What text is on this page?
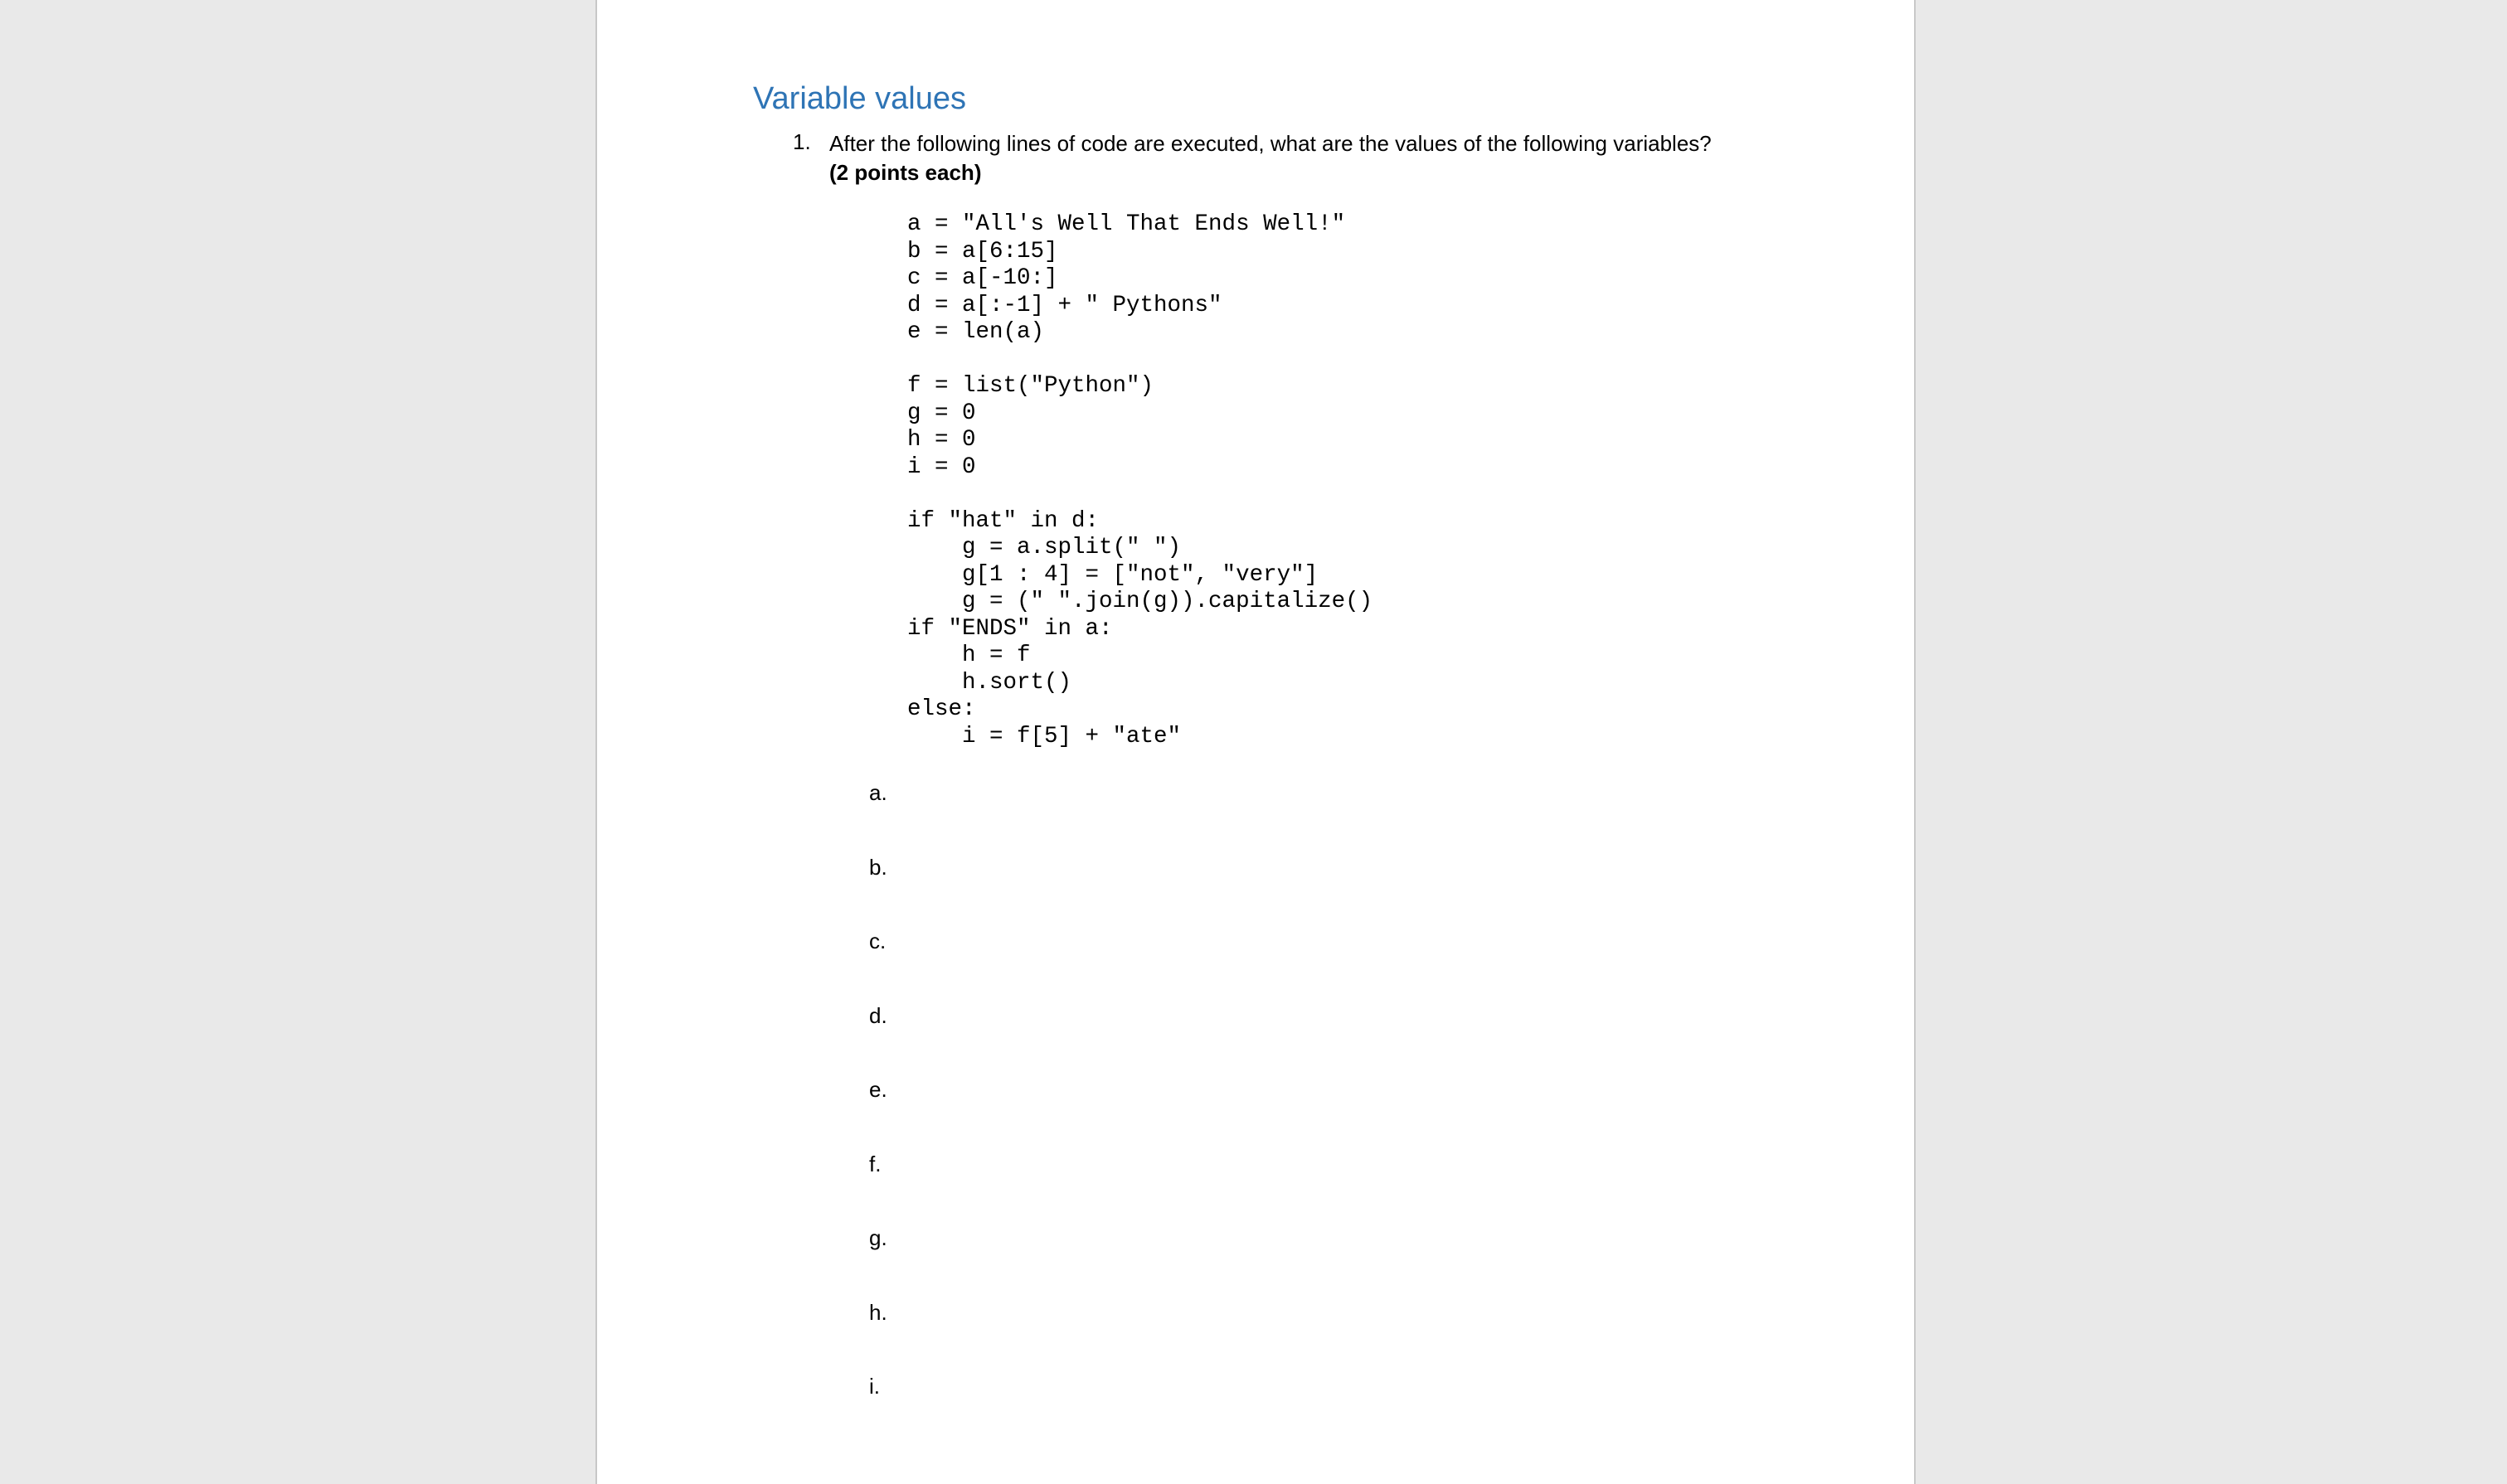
Variable values
1. After the following lines of code are executed, what are the values of the following variables?
(2 points each)
a = "All's Well That Ends Well!"
b = a[6:15]
c = a[-10:]
d = a[:-1] + " Pythons"
e = len(a)
f = list("Python")
g = 0
h = 0
i = 0
if "hat" in d:
g = a.split(" ")
g[1 : 4] = ["not", "very"]
g = (" ".join(g)).capitalize()
if "ENDS" in a:
h = f
h.sort()
else:
i = f[5] + "ate"
a.
b.
c.
d.
e.
f.
g.
h.
i.
